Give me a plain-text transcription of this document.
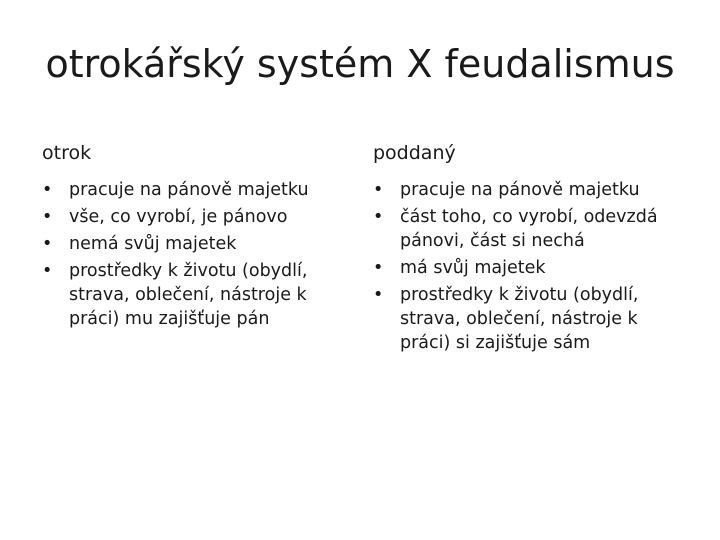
otrokářský systém X feudalismus
otrok
• pracuje na pánově majetku
• vše, co vyrobí, je pánovo
• nemá svůj majetek
• prostředky k životu (obydlí, strava, oblečení, nástroje k práci) mu zajišťuje pán
poddaný
• pracuje na pánově majetku
• část toho, co vyrobí, odevzdá pánovi, část si nechá
• má svůj majetek
• prostředky k životu (obydlí, strava, oblečení, nástroje k práci) si zajišťuje sám
